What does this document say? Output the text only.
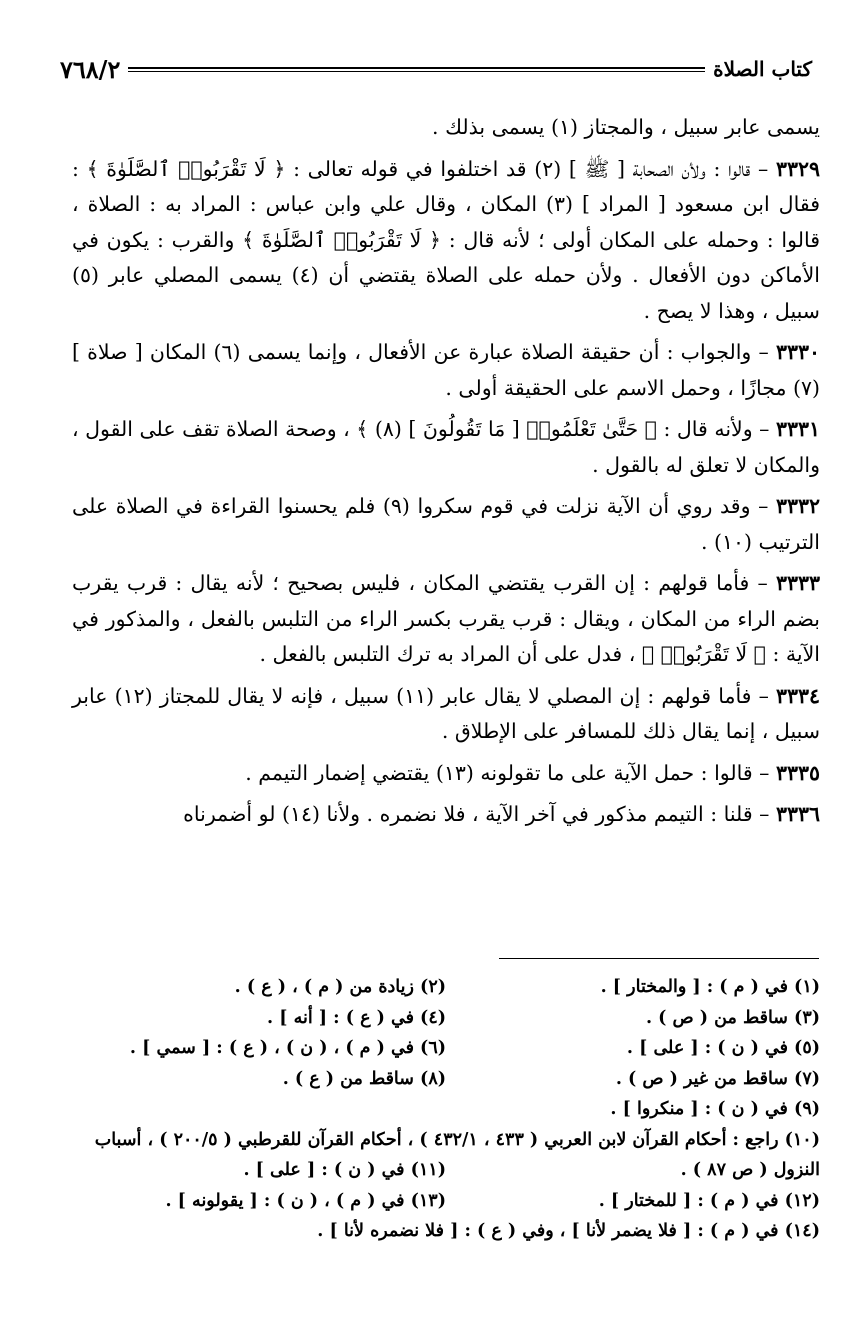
٧٦٨/٢	كتاب الصلاة

يسمى عابر سبيل ، والمجتاز (١) يسمى بذلك .

٣٣٢٩ – قالوا : ولأن الصحابة [ ﷺ ] (٢) قد اختلفوا في قوله تعالى : ﴿ لَا تَقْرَبُوا۟ ٱلصَّلَوٰةَ ﴾ : فقال ابن مسعود [ المراد ] (٣) المكان ، وقال علي وابن عباس : المراد به : الصلاة ، قالوا : وحمله على المكان أولى ؛ لأنه قال : ﴿ لَا تَقْرَبُوا۟ ٱلصَّلَوٰةَ ﴾ والقرب : يكون في الأماكن دون الأفعال . ولأن حمله على الصلاة يقتضي أن (٤) يسمى المصلي عابر (٥) سبيل ، وهذا لا يصح .

٣٣٣٠ – والجواب : أن حقيقة الصلاة عبارة عن الأفعال ، وإنما يسمى (٦) المكان [ صلاة ] (٧) مجازًا ، وحمل الاسم على الحقيقة أولى .

٣٣٣١ – ولأنه قال : ﴿ حَتَّىٰ تَعْلَمُوا۟ [ مَا تَقُولُونَ ] (٨) ﴾ ، وصحة الصلاة تقف على القول ، والمكان لا تعلق له بالقول .

٣٣٣٢ – وقد روي أن الآية نزلت في قوم سكروا (٩) فلم يحسنوا القراءة في الصلاة على الترتيب (١٠) .

٣٣٣٣ – فأما قولهم : إن القرب يقتضي المكان ، فليس بصحيح ؛ لأنه يقال : قرب يقرب بضم الراء من المكان ، ويقال : قرب يقرب بكسر الراء من التلبس بالفعل ، والمذكور في الآية : ﴿ لَا تَقْرَبُوا۟ ﴾ ، فدل على أن المراد به ترك التلبس بالفعل .

٣٣٣٤ – فأما قولهم : إن المصلي لا يقال عابر (١١) سبيل ، فإنه لا يقال للمجتاز (١٢) عابر سبيل ، إنما يقال ذلك للمسافر على الإطلاق .

٣٣٣٥ – قالوا : حمل الآية على ما تقولونه (١٣) يقتضي إضمار التيمم .

٣٣٣٦ – قلنا : التيمم مذكور في آخر الآية ، فلا نضمره . ولأنا (١٤) لو أضمرناه

(١) في ( م ) : [ والمختار ] .
(٢) زيادة من ( م ) ، ( ع ) .
(٣) ساقط من ( ص ) .
(٤) في ( ع ) : [ أنه ] .
(٥) في ( ن ) : [ على ] .
(٦) في ( م ) ، ( ن ) ، ( ع ) : [ سمي ] .
(٧) ساقط من غير ( ص ) .
(٨) ساقط من ( ع ) .
(٩) في ( ن ) : [ منكروا ] .
(١٠) راجع : أحكام القرآن لابن العربي ( ٤٣٣ ، ٤٣٢/١ ) ، أحكام القرآن للقرطبي ( ٢٠٠/٥ ) ، أسباب
النزول ( ص ٨٧ ) .
(١١) في ( ن ) : [ على ] .
(١٢) في ( م ) : [ للمختار ] .
(١٣) في ( م ) ، ( ن ) : [ يقولونه ] .
(١٤) في ( م ) : [ فلا يضمر لأنا ] ، وفي ( ع ) : [ فلا نضمره لأنا ] .
